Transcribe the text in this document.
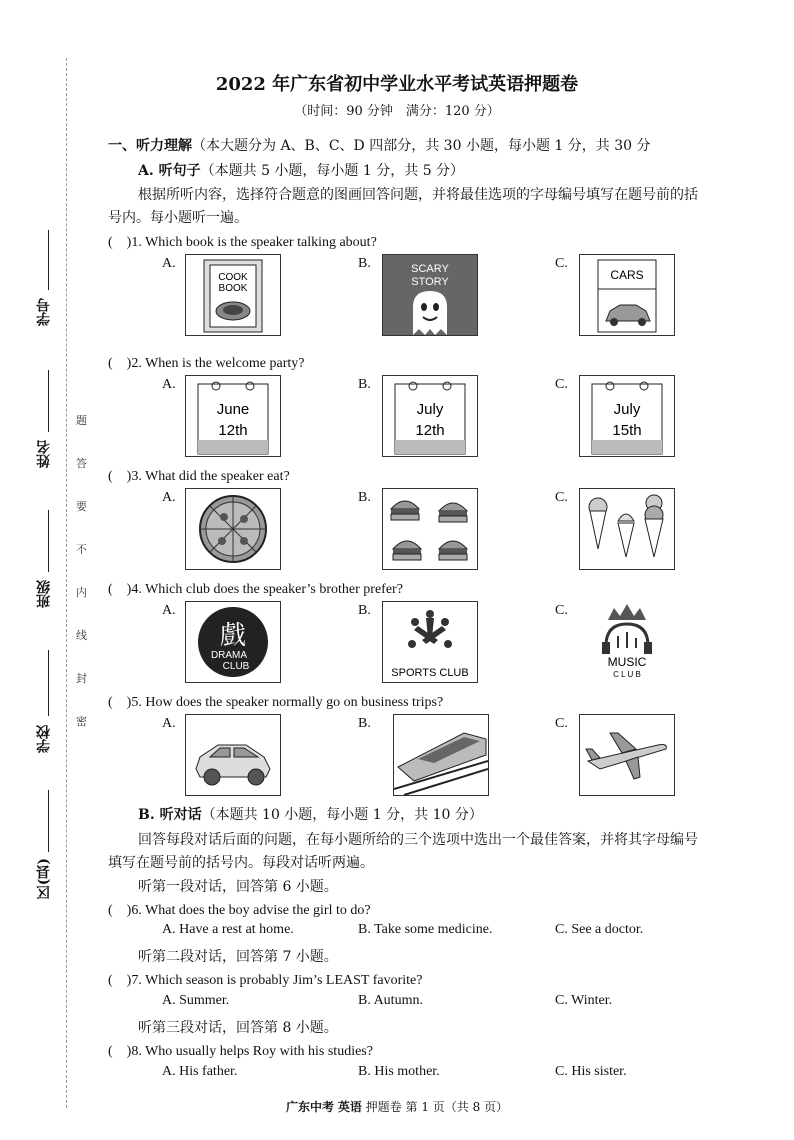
学号
姓名
班级
学校
区(县)
题
答
要
不
内
线
封
密
2022 年广东省初中学业水平考试英语押题卷
（时间：90 分钟　满分：120 分）
一、听力理解（本大题分为 A、B、C、D 四部分，共 30 小题，每小题 1 分，共 30 分
A. 听句子（本题共 5 小题，每小题 1 分，共 5 分）
根据所听内容，选择符合题意的图画回答问题，并将最佳选项的字母编号填写在题号前的括
号内。每小题听一遍。
(　)1. Which book is the speaker talking about?
A.	B.	C.
COOK
BOOK
SCARY
STORY	CARS
(　)2. When is the welcome party?
A.	B.	C.
June
12th
July
12th
July
15th
(　)3. What did the speaker eat?
A.	B.	C.
(　)4. Which club does the speaker’s brother prefer?
A.	B.	C.
戲
DRAMA
CLUB
SPORTS CLUB
MUSIC
C L U B
(　)5. How does the speaker normally go on business trips?
A.	B.	C.
B. 听对话（本题共 10 小题，每小题 1 分，共 10 分）
回答每段对话后面的问题，在每小题所给的三个选项中选出一个最佳答案，并将其字母编号
填写在题号前的括号内。每段对话听两遍。
听第一段对话，回答第 6 小题。
(　)6. What does the boy advise the girl to do?
A. Have a rest at home.	B. Take some medicine.	C. See a doctor.
听第二段对话，回答第 7 小题。
(　)7. Which season is probably Jim’s LEAST favorite?
A. Summer.	B. Autumn.	C. Winter.
听第三段对话，回答第 8 小题。
(　)8. Who usually helps Roy with his studies?
A. His father.	B. His mother.	C. His sister.
广东中考 英语 押题卷 第 1 页（共 8 页）
